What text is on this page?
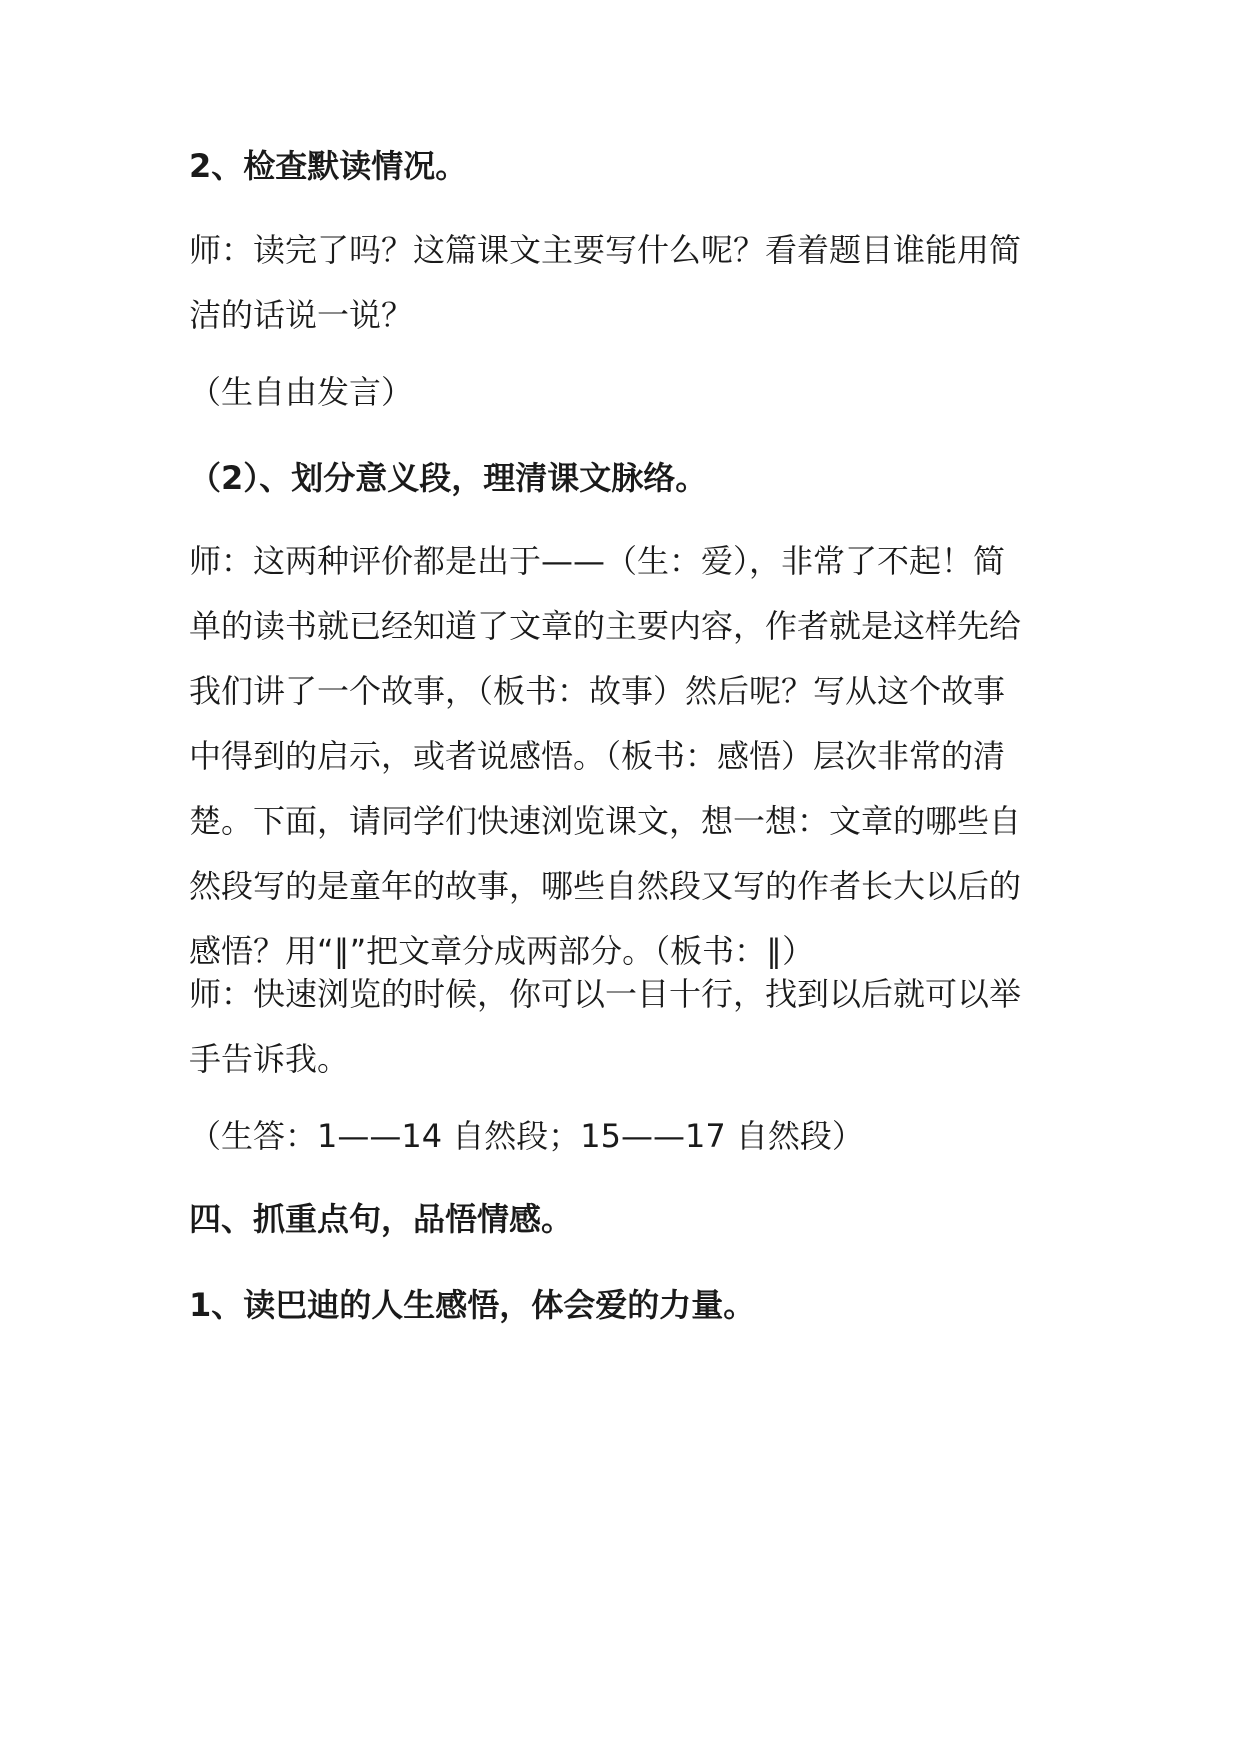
2、检查默读情况。

师：读完了吗？这篇课文主要写什么呢？看着题目谁能用简
洁的话说一说？

（生自由发言）

（2）、划分意义段，理清课文脉络。

师：这两种评价都是出于——（生：爱），非常了不起！简
单的读书就已经知道了文章的主要内容，作者就是这样先给
我们讲了一个故事，（板书：故事）然后呢？写从这个故事
中得到的启示，或者说感悟。（板书：感悟）层次非常的清
楚。下面，请同学们快速浏览课文，想一想：文章的哪些自
然段写的是童年的故事，哪些自然段又写的作者长大以后的
感悟？用“∥”把文章分成两部分。（板书：∥）
师：快速浏览的时候，你可以一目十行，找到以后就可以举
手告诉我。

（生答：1——14 自然段；15——17 自然段）

四、抓重点句，品悟情感。

1、读巴迪的人生感悟，体会爱的力量。
